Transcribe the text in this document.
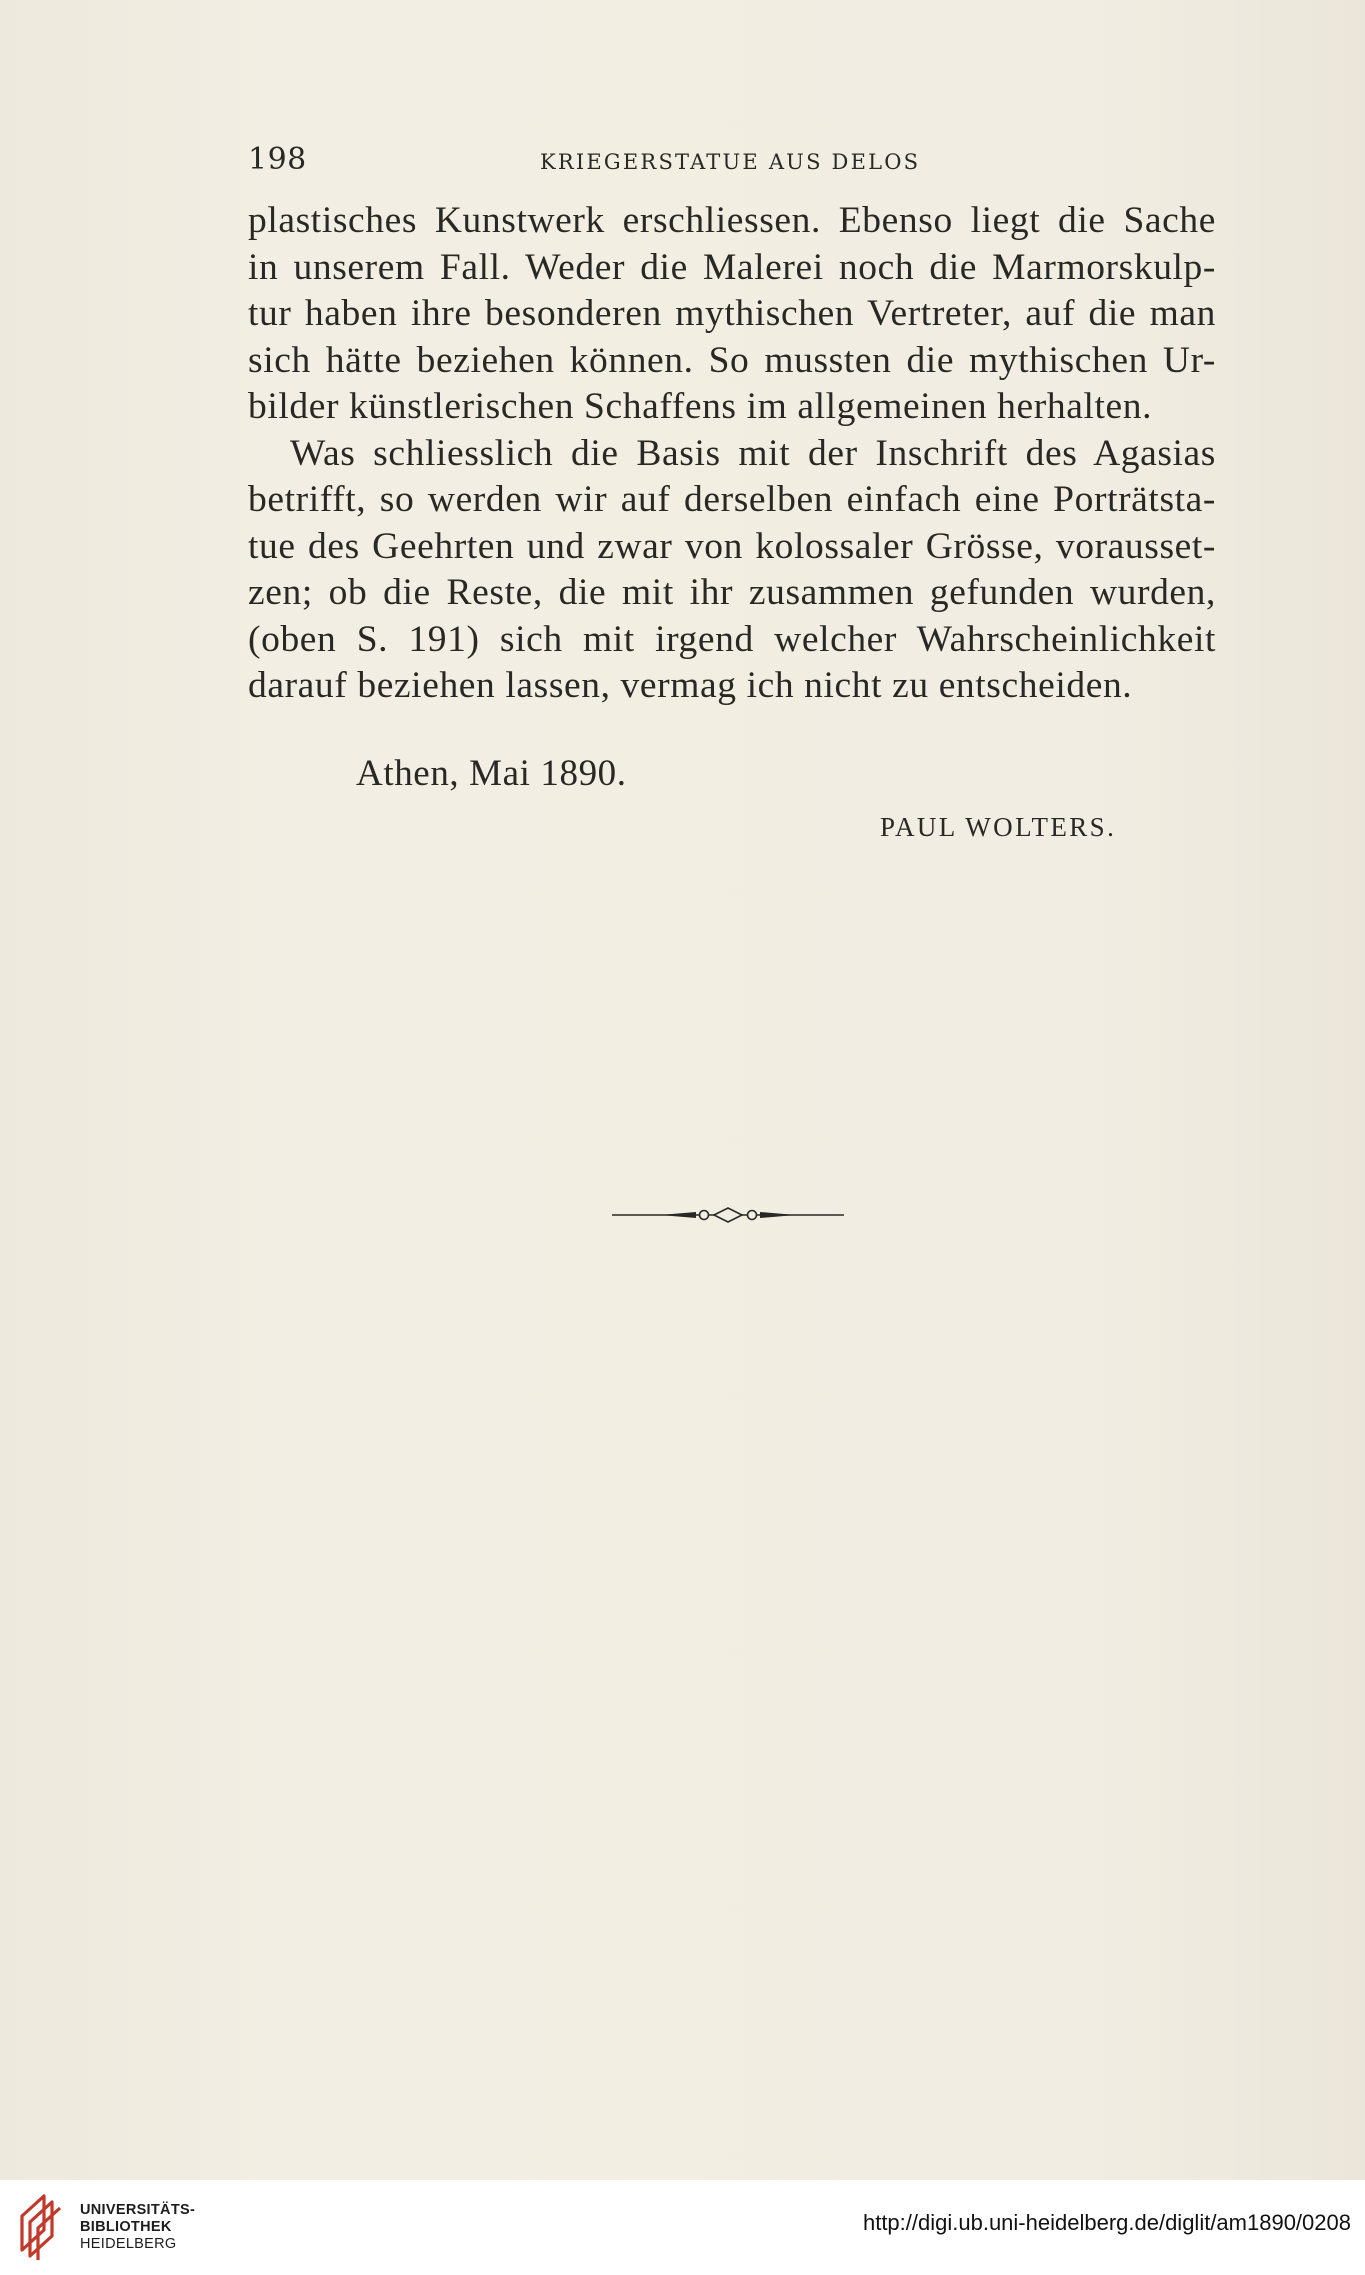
198	KRIEGERSTATUE AUS DELOS
plastisches Kunstwerk erschliessen. Ebenso liegt die Sache
in unserem Fall. Weder die Malerei noch die Marmorskulp-
tur haben ihre besonderen mythischen Vertreter, auf die man
sich hätte beziehen können. So mussten die mythischen Ur-
bilder künstlerischen Schaffens im allgemeinen herhalten.
Was schliesslich die Basis mit der Inschrift des Agasias
betrifft, so werden wir auf derselben einfach eine Porträtsta-
tue des Geehrten und zwar von kolossaler Grösse, vorausset-
zen; ob die Reste, die mit ihr zusammen gefunden wurden,
(oben S. 191) sich mit irgend welcher Wahrscheinlichkeit
darauf beziehen lassen, vermag ich nicht zu entscheiden.
Athen, Mai 1890.
PAUL WOLTERS.
UNIVERSITÄTS-
BIBLIOTHEK
HEIDELBERG
http://digi.ub.uni-heidelberg.de/diglit/am1890/0208
